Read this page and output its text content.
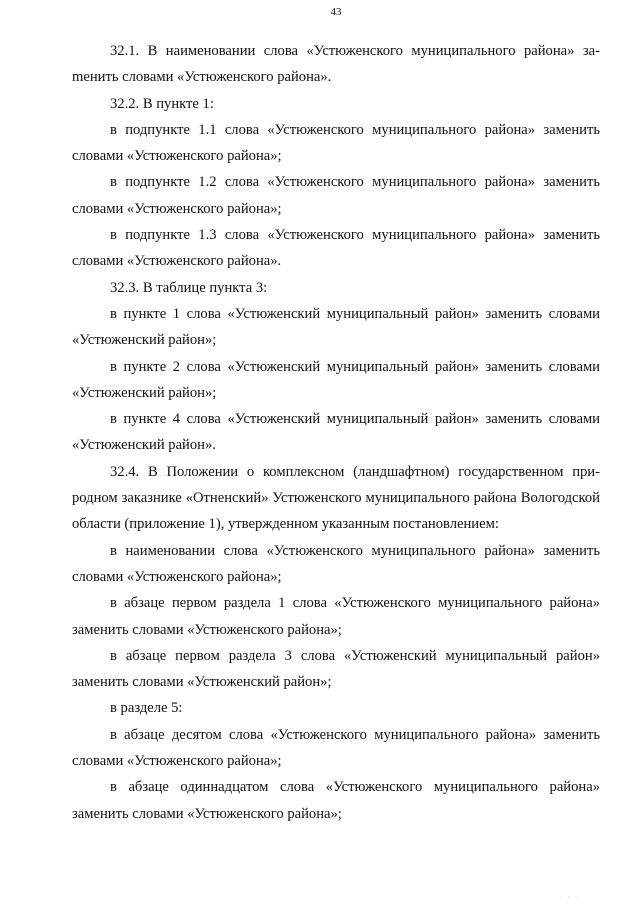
43

32.1. В наименовании слова «Устюженского муниципального района» заmенить словами «Устюженского района».

32.2. В пункте 1:

в подпункте 1.1 слова «Устюженского муниципального района» заменить словами «Устюженского района»;

в подпункте 1.2 слова «Устюженского муниципального района» заменить словами «Устюженского района»;

в подпункте 1.3 слова «Устюженского муниципального района» заменить словами «Устюженского района».

32.3. В таблице пункта 3:

в пункте 1 слова «Устюженский муниципальный район» заменить словами «Устюженский район»;

в пункте 2 слова «Устюженский муниципальный район» заменить словами «Устюженский район»;

в пункте 4 слова «Устюженский муниципальный район» заменить словами «Устюженский район».

32.4. В Положении о комплексном (ландшафтном) государственном природном заказнике «Отненский» Устюженского муниципального района Вологодской области (приложение 1), утвержденном указанным постановлением:

в наименовании слова «Устюженского муниципального района» заменить словами «Устюженского района»;

в абзаце первом раздела 1 слова «Устюженского муниципального района» заменить словами «Устюженского района»;

в абзаце первом раздела 3 слова «Устюженский муниципальный район» заменить словами «Устюженский район»;

в разделе 5:

в абзаце десятом слова «Устюженского муниципального района» заменить словами «Устюженского района»;

в абзаце одиннадцатом слова «Устюженского муниципального района» заменить словами «Устюженского района»;

· · ·
